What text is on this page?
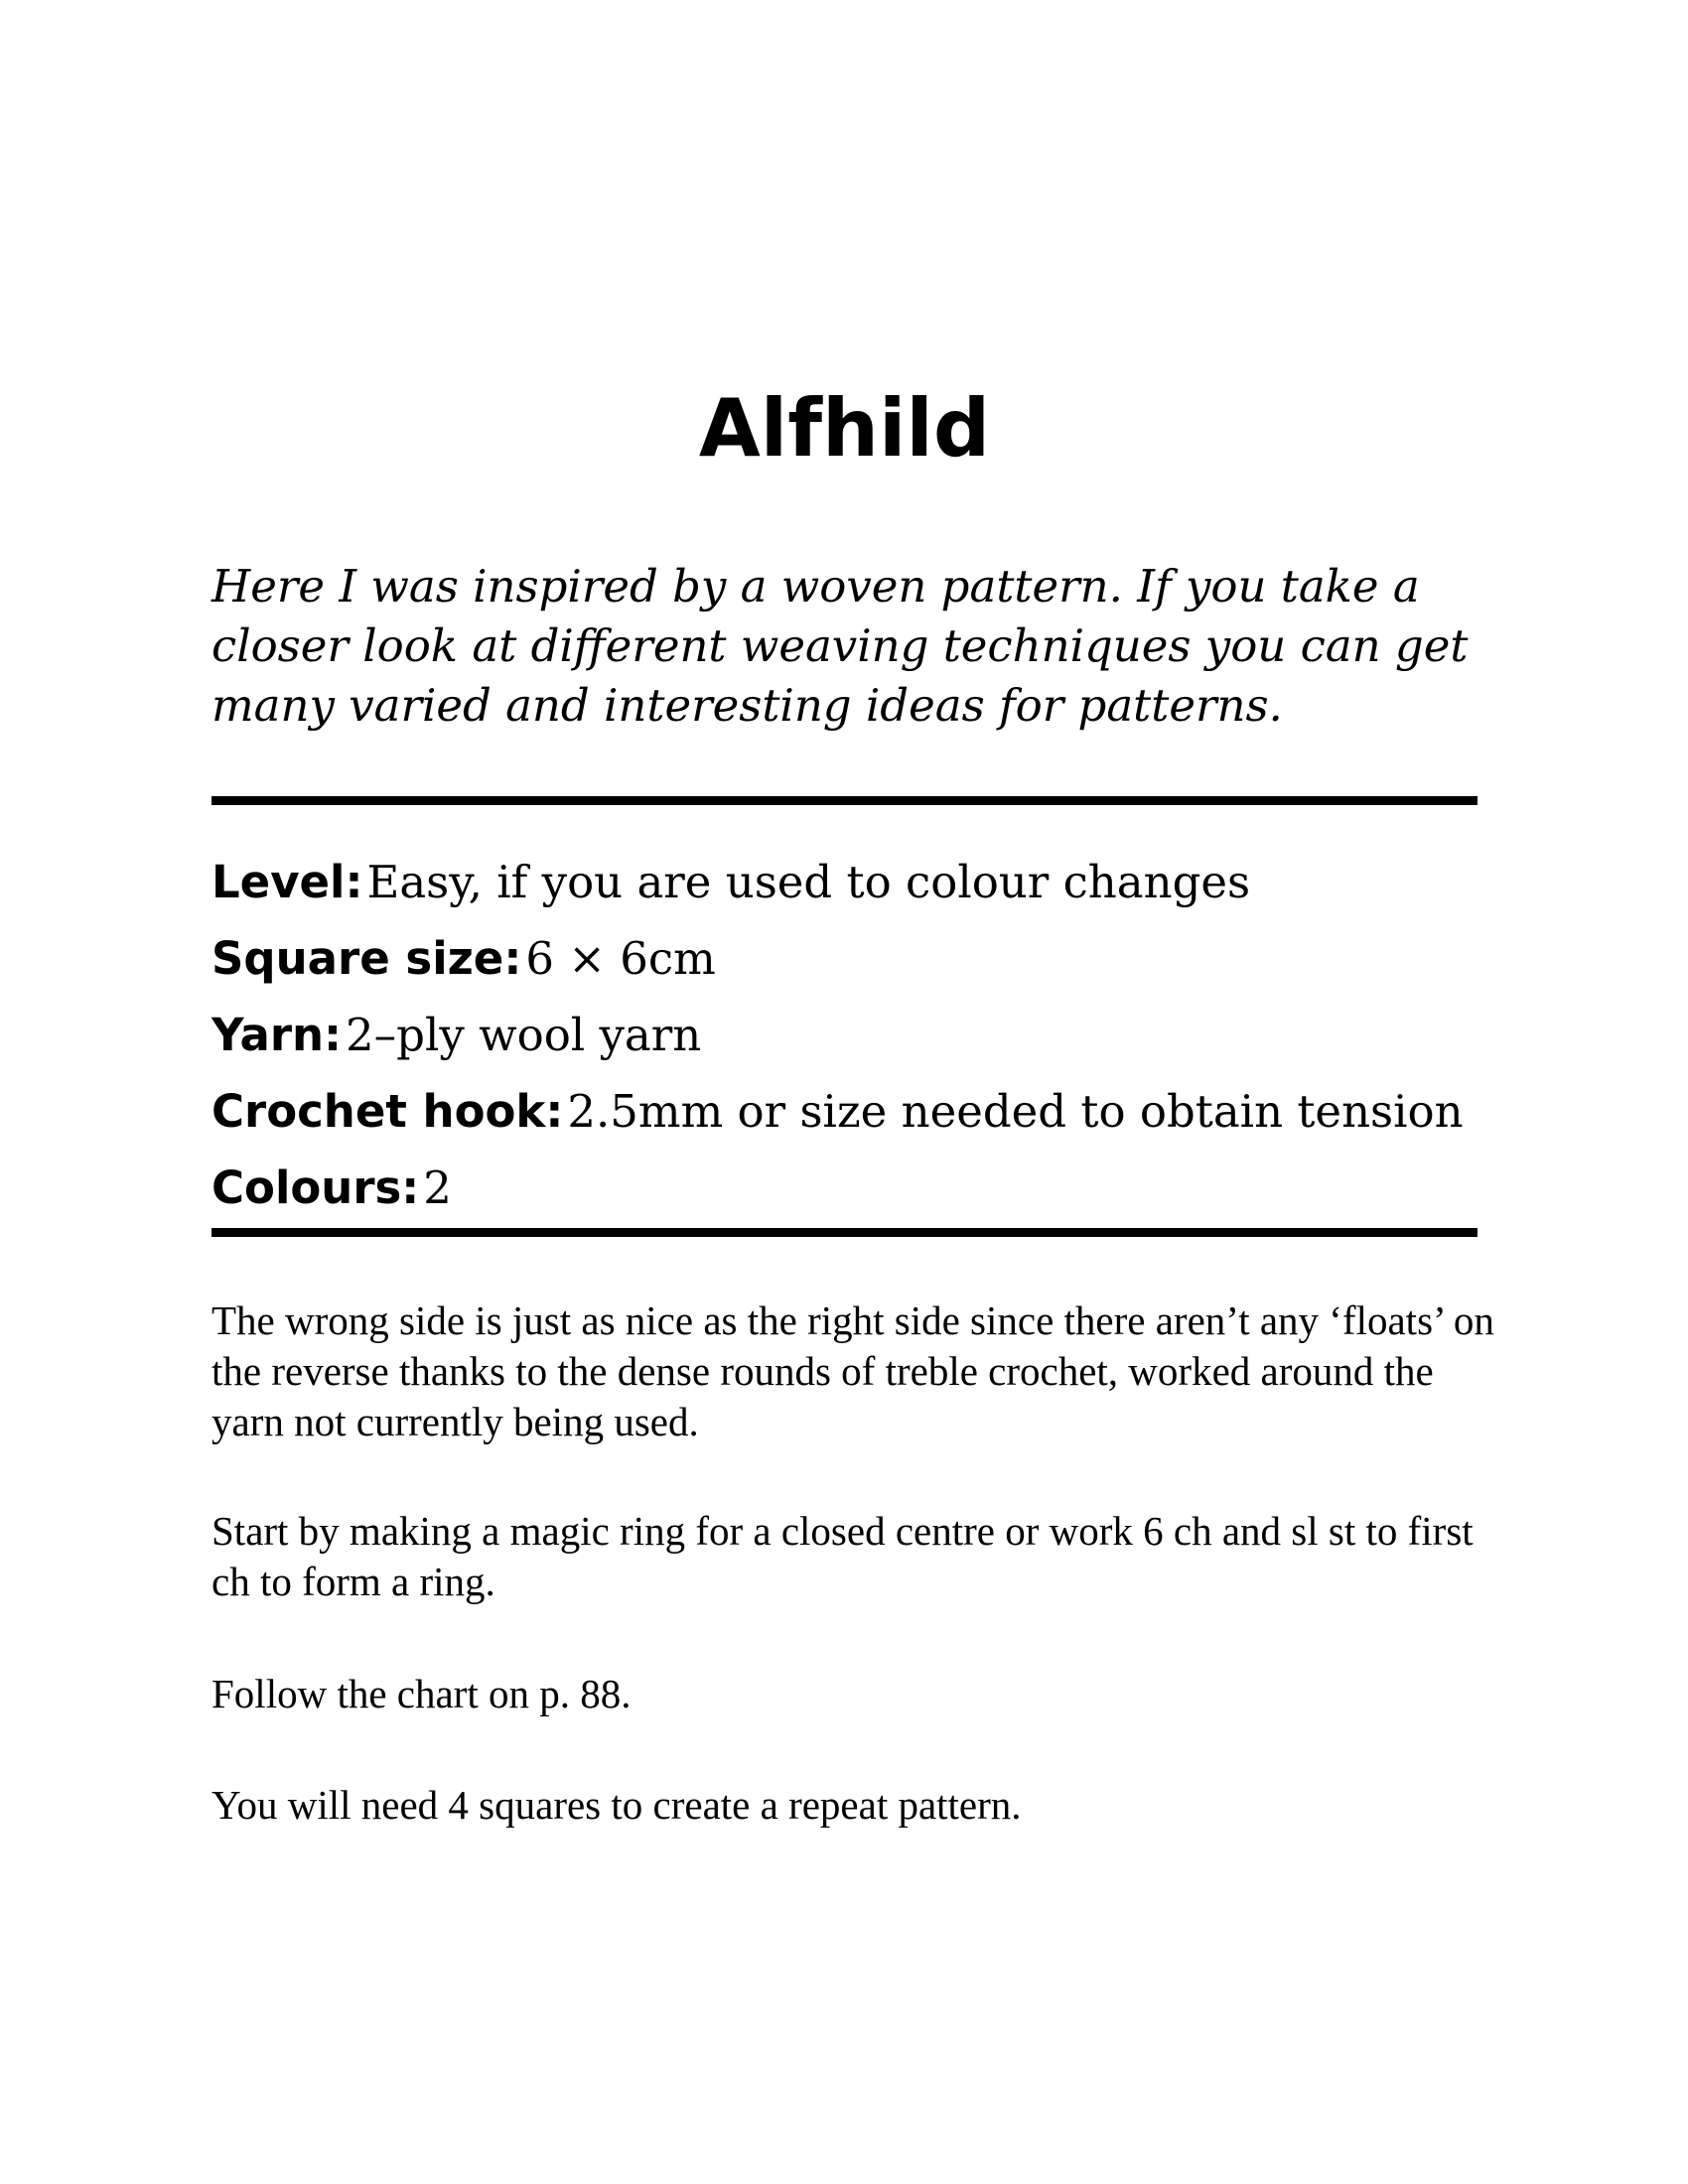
Alfhild

Here I was inspired by a woven pattern. If you take a closer look at different weaving techniques you can get many varied and interesting ideas for patterns.

Level: Easy, if you are used to colour changes
Square size: 6 × 6cm
Yarn: 2–ply wool yarn
Crochet hook: 2.5mm or size needed to obtain tension
Colours: 2

The wrong side is just as nice as the right side since there aren’t any ‘floats’ on the reverse thanks to the dense rounds of treble crochet, worked around the yarn not currently being used.

Start by making a magic ring for a closed centre or work 6 ch and sl st to first ch to form a ring.

Follow the chart on p. 88.

You will need 4 squares to create a repeat pattern.
